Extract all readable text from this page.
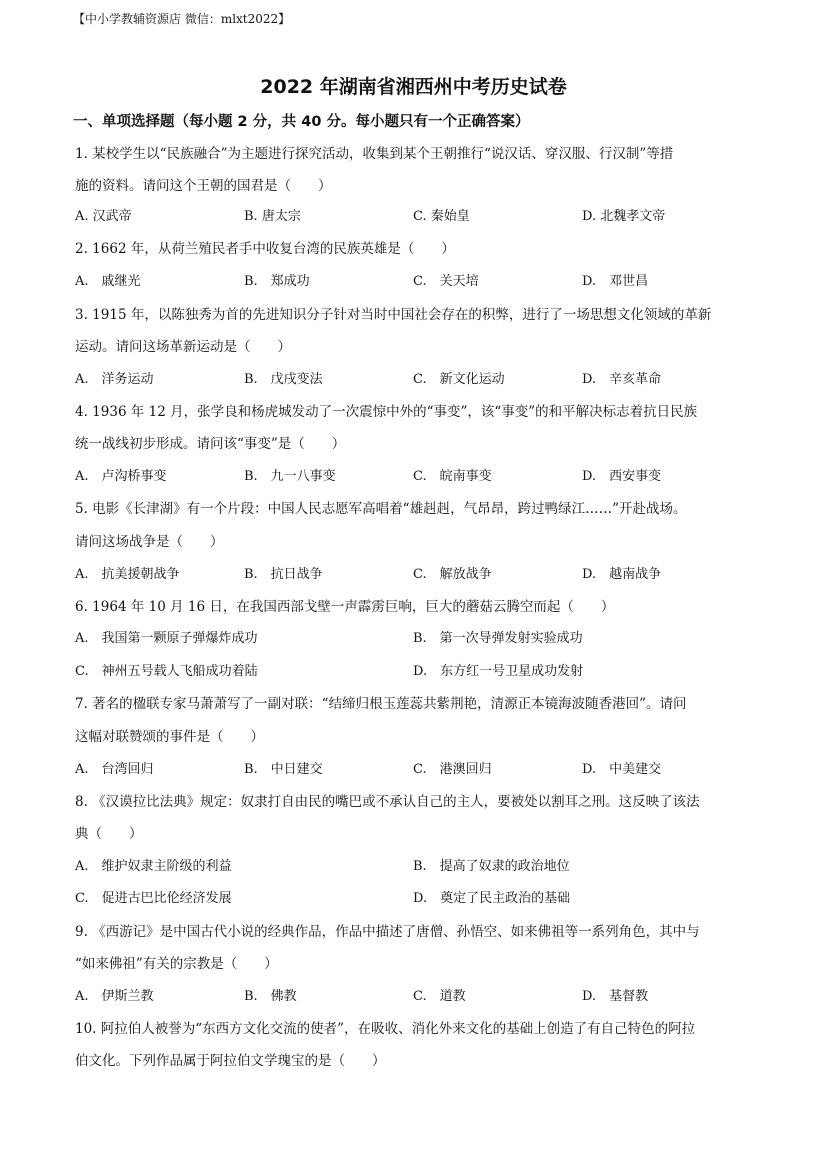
【中小学教辅资源店 微信：mlxt2022】
2022 年湖南省湘西州中考历史试卷
一、单项选择题（每小题 2 分，共 40 分。每小题只有一个正确答案）
1. 某校学生以“民族融合”为主题进行探究活动，收集到某个王朝推行“说汉话、穿汉服、行汉制”等措
施的资料。请问这个王朝的国君是（　　）
A. 汉武帝	B. 唐太宗	C. 秦始皇	D. 北魏孝文帝
2. 1662 年，从荷兰殖民者手中收复台湾的民族英雄是（　　）
A.　戚继光	B.　郑成功	C.　关天培	D.　邓世昌
3. 1915 年，以陈独秀为首的先进知识分子针对当时中国社会存在的积弊，进行了一场思想文化领域的革新
运动。请问这场革新运动是（　　）
A.　洋务运动	B.　戊戌变法	C.　新文化运动	D.　辛亥革命
4. 1936 年 12 月，张学良和杨虎城发动了一次震惊中外的“事变”，该“事变”的和平解决标志着抗日民族
统一战线初步形成。请问该“事变”是（　　）
A.　卢沟桥事变	B.　九一八事变	C.　皖南事变	D.　西安事变
5. 电影《长津湖》有一个片段：中国人民志愿军高唱着“雄赳赳，气昂昂，跨过鸭绿江……”开赴战场。
请问这场战争是（　　）
A.　抗美援朝战争	B.　抗日战争	C.　解放战争	D.　越南战争
6. 1964 年 10 月 16 日，在我国西部戈壁一声霹雳巨响，巨大的蘑菇云腾空而起（　　）
A.　我国第一颗原子弹爆炸成功	B.　第一次导弹发射实验成功
C.　神州五号载人飞船成功着陆	D.　东方红一号卫星成功发射
7. 著名的楹联专家马萧萧写了一副对联：“结缔归根玉莲蕊共紫荆艳，清源正本镜海波随香港回”。请问
这幅对联赞颂的事件是（　　）
A.　台湾回归	B.　中日建交	C.　港澳回归	D.　中美建交
8. 《汉谟拉比法典》规定：奴隶打自由民的嘴巴或不承认自己的主人，要被处以割耳之刑。这反映了该法
典（　　）
A.　维护奴隶主阶级的利益	B.　提高了奴隶的政治地位
C.　促进古巴比伦经济发展	D.　奠定了民主政治的基础
9. 《西游记》是中国古代小说的经典作品，作品中描述了唐僧、孙悟空、如来佛祖等一系列角色，其中与
“如来佛祖”有关的宗教是（　　）
A.　伊斯兰教	B.　佛教	C.　道教	D.　基督教
10. 阿拉伯人被誉为“东西方文化交流的使者”，在吸收、消化外来文化的基础上创造了有自己特色的阿拉
伯文化。下列作品属于阿拉伯文学瑰宝的是（　　）
